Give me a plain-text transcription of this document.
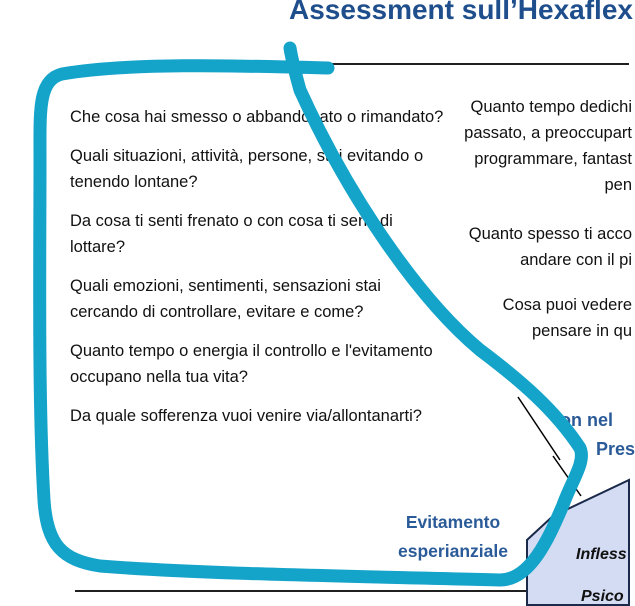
Assessment sull’Hexaflex

Che cosa hai smesso o abbandonato o rimandato?

Quali situazioni, attività, persone, stai evitando o tenendo lontane?

Da cosa ti senti frenato o con cosa ti senti di lottare?

Quali emozioni, sentimenti, sensazioni stai cercando di controllare, evitare e come?

Quanto tempo o energia il controllo e l'evitamento occupano nella tua vita?

Da quale sofferenza vuoi venire via/allontanarti?

Quanto tempo dedichi
passato, a preoccupart
programmare, fantast
pen
Quanto spesso ti acco
andare con il pi
Cosa puoi vedere
pensare in qu
on nel
Pres
Evitamento
esperianziale	Infless
Psico
